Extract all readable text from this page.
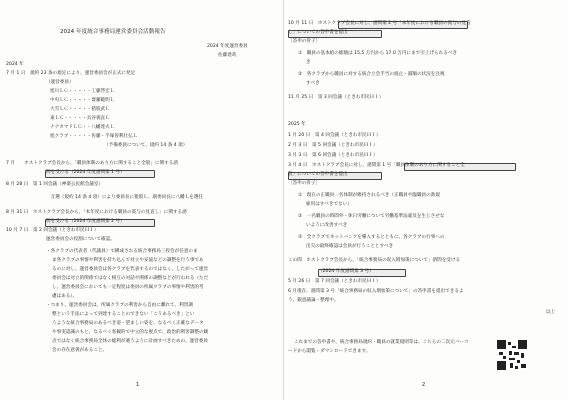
2024 年度統合事務局運営委員会活動報告
2024 年度運営委員
佐藤達哉
2024 年
7 月 1 日　規約 23 条の規定により、運営委員会が正式に発足
（運営委員）
旭川ＬＣ・・・・・工藤啓宏Ｌ
中央ＬＣ・・・・・齋藤範明Ｌ
大雪ＬＣ・・・・・猪股武Ｌ
東ＬＣ・・・・・具谷義直Ｌ
ナナカマドＬＣ・・八幡達夫Ｌ
旭クラブ・・・・・佐藤・手塚曽利壮弘Ｌ
（予備委員について、規約 14 条 4 項）
7 月　　ホストクラブ会長から、「職員体制のあり方に関すること全般」に関する諮
問を受ける（2024 年度諮問第 1 号）
8 月 28 日　第 1 回会議（神楽公民館会議室）
　互選（規約 14 条 4 項）により委員長に猪股Ｌ、副委員長に八幡Ｌを選任
8 月 31 日　ホストクラブ会長から、「本年度における職員の賞与の見直し」に関する諮
問を受ける（2024 年度諮問第 2 号）
10 月 7 日　第 2 回会議（ときわ市民ＨＩ）
運営委員会の役割について確認。
・各クラブの代表者（代議員）で構成される統合事務局三役会が任意のま
ま各クラブの事情や利害を持ち込んで対立や妥協などの調整を行う事であ
るのに対し、運営委員会は各クラブを代表するのではなく、したがって運営
委員会は対立的関係ではなく相互の対話や関係の調整などが行われる（ただ
し、運営委員会においても一定程度は委員の所属クラブの事情や利害的考
慮はある）。
・つまり、運営委員会は、所属クラブの利害から自由に離れて、利害調
整という手法によって到達することのできない「こうあるべき」とい
うような統合事務局のあるべき姿・望ましい姿を、なるべく正確なデータ
や事実認識のもと、なるべく客観的で中立的な視点で、政治的利害調整の観
点ではなく統合事務局全体の総利が適うように計画すべきための、運営委員
会の存在意義があること。
1
10 月 11 日　ホストクラブ会長に対し、諮問第 2 号「本年度における職員の賞与の見直
し」についての答申書を提出
［答申の骨子］
①　職員の基本給の総額は 15.5 万円から 17.0 万円にまで引上げられるべき
き
②　各クラブから職員に対する統合立会手当の廃止・減額の状況を注視
すべき
11 月 25 日　第 3 回会議（ときわ市民ＨＩ）
2025 年
1 月 20 日　第 4 回会議（ときわ市民ＨＩ）
2 月 3 日　第 5 回会議（ときわ市民ＨＩ）
3 月 3 日　第 6 回会議（ときわ市民ＨＩ）
3 月 4 日　ホストクラブ会長に対し、諮問第 1 号「職員体制のあり方に関すること全
般」についての答申書を提出
［答申の骨子］
①　現在の正職員一名体制が維持されるべき（正職員や臨職員の新規
雇用はすべきでない）
②　一名職員の時間外・休日労働について労働基準法違反を生じさせな
いように改善すべき
③　全クラブでネットバンクを導入するとともに、各クラブの行事への
出欠の最終確認は会員が行うこととすべき
この間　ホストクラブ会長から、「統合事務局の収入増加策について」諮問を受ける
（2024 年度諮問第 3 号）
5 月 26 日　第 7 回会議（ときわ市民ＨＩ）
6 月現在、諮問第 3 号「統合事務局の収入増加策について」の答申書を提出できるよ
う、鋭意議論・整理中。
以上
これまでの答申書や、統合事務局規約・職員の就業規則等は、こちらの二次元バーコ
ードから閲覧・ダウンロードできます。
2
